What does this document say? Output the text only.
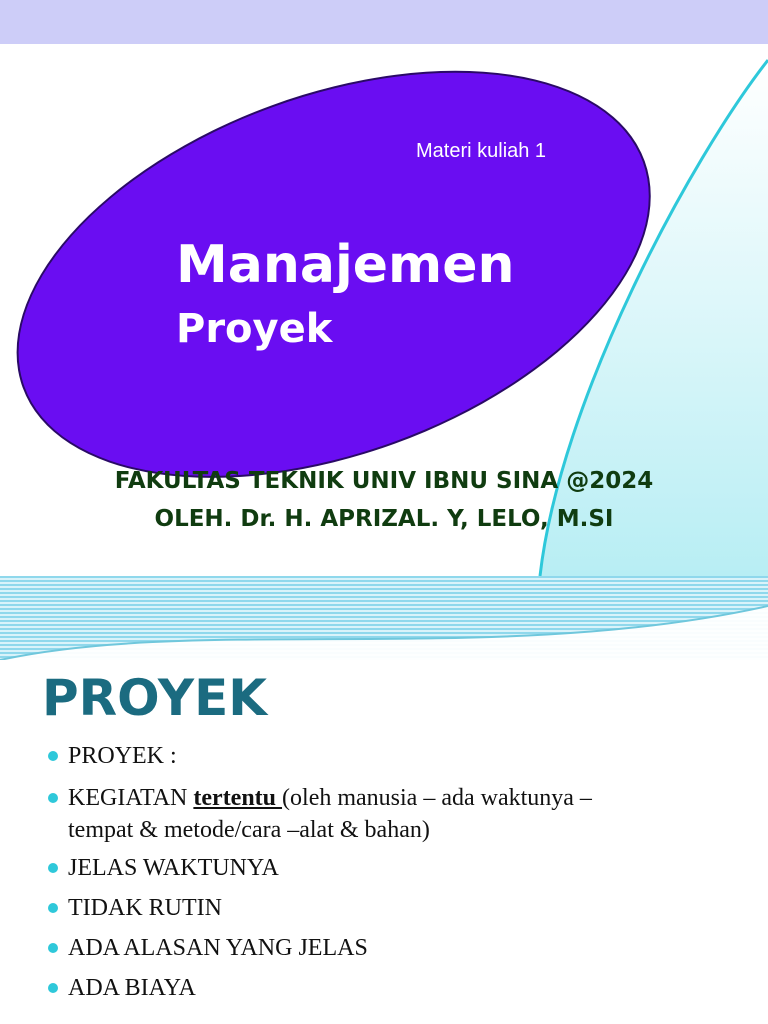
Materi kuliah 1
Manajemen
Proyek
FAKULTAS TEKNIK UNIV IBNU SINA @2024
OLEH. Dr. H. APRIZAL. Y, LELO, M.SI
PROYEK
PROYEK :
KEGIATAN tertentu (oleh manusia – ada waktunya –
tempat & metode/cara –alat & bahan)
JELAS WAKTUNYA
TIDAK RUTIN
ADA ALASAN YANG JELAS
ADA BIAYA
